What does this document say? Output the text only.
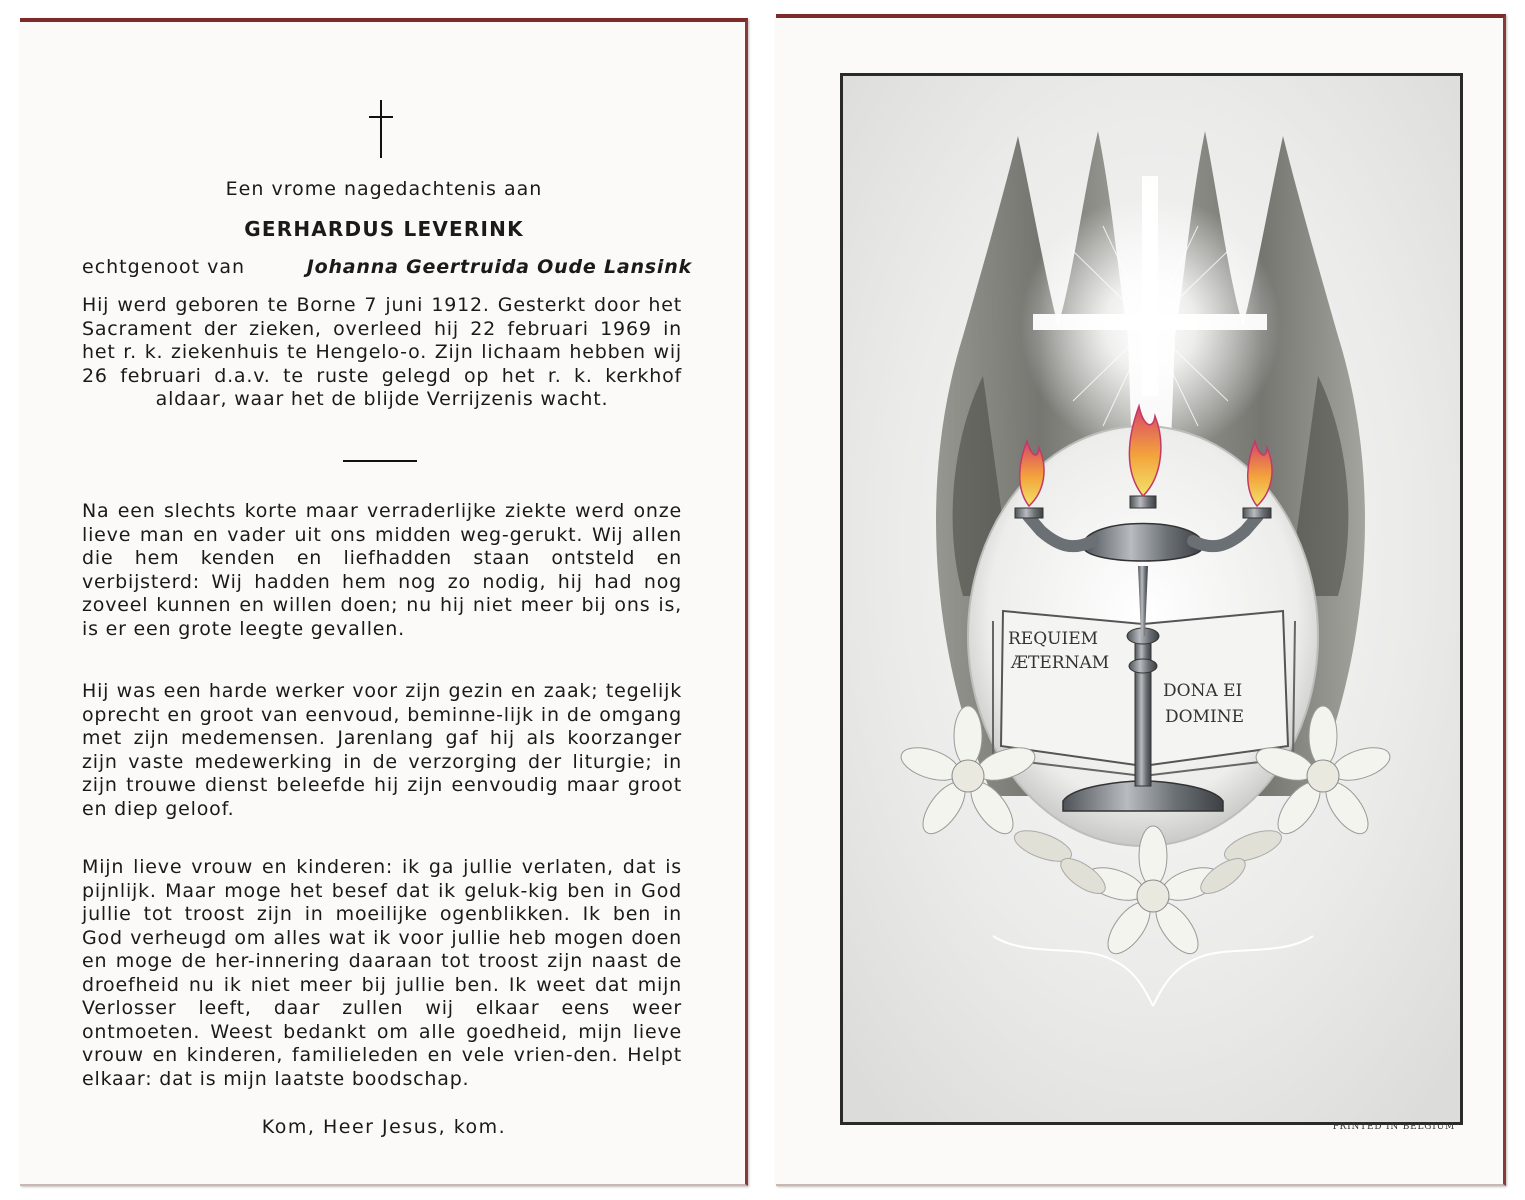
Een vrome nagedachtenis aan
GERHARDUS LEVERINK
echtgenoot van	Johanna Geertruida Oude Lansink
Hij werd geboren te Borne 7 juni 1912. Gesterkt door het Sacrament der zieken, overleed hij 22 februari 1969 in het r. k. ziekenhuis te Hengelo-o. Zijn lichaam hebben wij 26 februari d.a.v. te ruste gelegd op het r. k. kerkhof aldaar, waar het de blijde Verrijzenis wacht.
Na een slechts korte maar verraderlijke ziekte werd onze lieve man en vader uit ons midden weg-gerukt. Wij allen die hem kenden en liefhadden staan ontsteld en verbijsterd: Wij hadden hem nog zo nodig, hij had nog zoveel kunnen en willen doen; nu hij niet meer bij ons is, is er een grote leegte gevallen.
Hij was een harde werker voor zijn gezin en zaak; tegelijk oprecht en groot van eenvoud, beminne-lijk in de omgang met zijn medemensen. Jarenlang gaf hij als koorzanger zijn vaste medewerking in de verzorging der liturgie; in zijn trouwe dienst beleefde hij zijn eenvoudig maar groot en diep geloof.
Mijn lieve vrouw en kinderen: ik ga jullie verlaten, dat is pijnlijk. Maar moge het besef dat ik geluk-kig ben in God jullie tot troost zijn in moeilijke ogenblikken. Ik ben in God verheugd om alles wat ik voor jullie heb mogen doen en moge de her-innering daaraan tot troost zijn naast de droefheid nu ik niet meer bij jullie ben. Ik weet dat mijn Verlosser leeft, daar zullen wij elkaar eens weer ontmoeten. Weest bedankt om alle goedheid, mijn lieve vrouw en kinderen, familieleden en vele vrien-den. Helpt elkaar: dat is mijn laatste boodschap.
Kom, Heer Jesus, kom.
REQUIEM
ÆTERNAM
DONA EI
DOMINE
PRINTED IN BELGIUM
